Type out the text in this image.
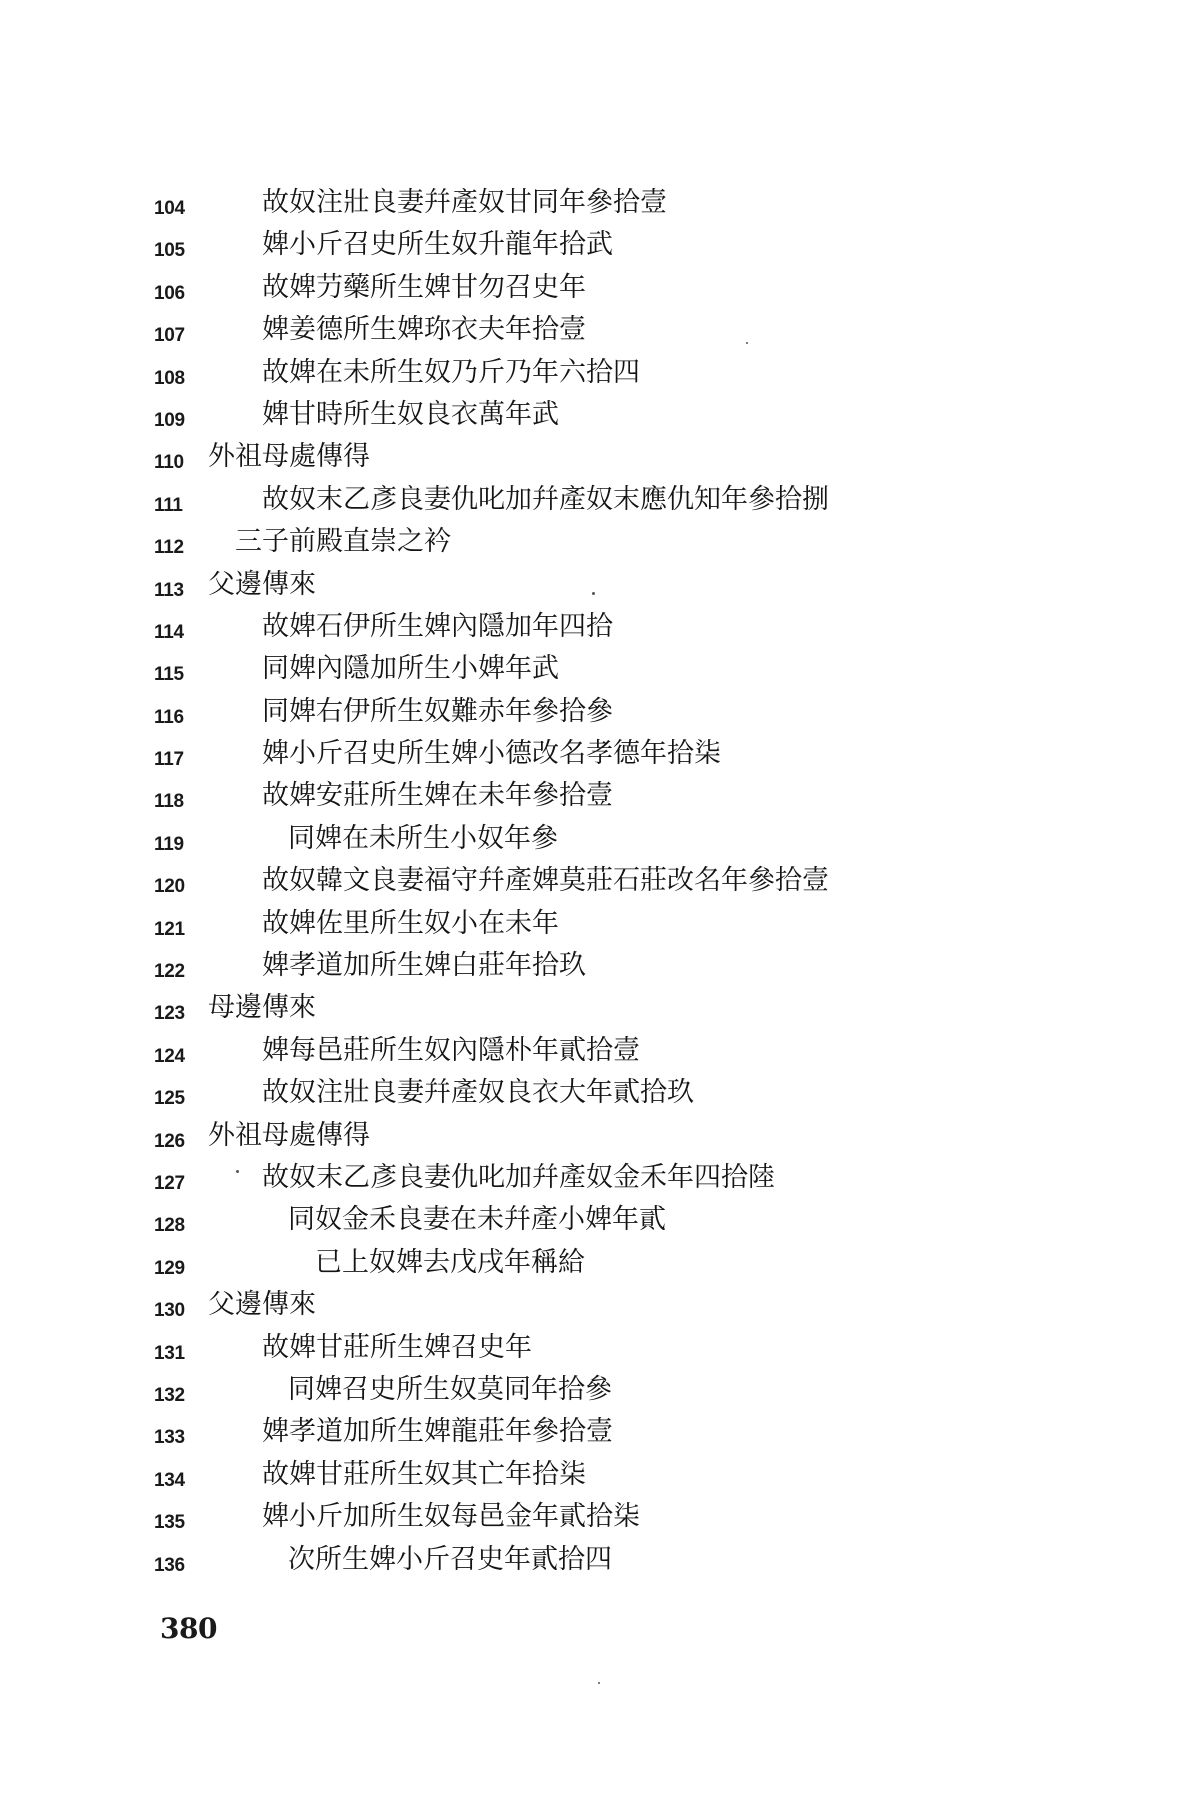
104	故奴注壯良妻幷產奴甘同年參拾壹
105	婢小斤召史所生奴升龍年拾武
106	故婢芀藥所生婢甘勿召史年
107	婢姜德所生婢珎衣夫年拾壹
108	故婢在未所生奴乃斤乃年六拾四
109	婢甘時所生奴良衣萬年武
110 外祖母處傳得
111	故奴末乙彥良妻仇叱加幷產奴末應仇知年參拾捌
112 三子前殿直崇之衿
113 父邊傳來
114	故婢石伊所生婢內隱加年四拾
115	同婢內隱加所生小婢年武
116	同婢右伊所生奴難赤年參拾參
117	婢小斤召史所生婢小德改名孝德年拾柒
118	故婢安莊所生婢在未年參拾壹
119	同婢在未所生小奴年參
120	故奴韓文良妻福守幷產婢莫莊石莊改名年參拾壹
121	故婢佐里所生奴小在未年
122	婢孝道加所生婢白莊年拾玖
123 母邊傳來
124	婢每邑莊所生奴內隱朴年貳拾壹
125	故奴注壯良妻幷產奴良衣大年貳拾玖
126 外祖母處傳得
127	故奴末乙彥良妻仇叱加幷產奴金禾年四拾陸
128	同奴金禾良妻在未幷產小婢年貳
129	已上奴婢去戊戌年稱給
130 父邊傳來
131	故婢甘莊所生婢召史年
132	同婢召史所生奴莫同年拾參
133	婢孝道加所生婢龍莊年參拾壹
134	故婢甘莊所生奴其亡年拾柒
135	婢小斤加所生奴每邑金年貳拾柒
136	次所生婢小斤召史年貳拾四
380
